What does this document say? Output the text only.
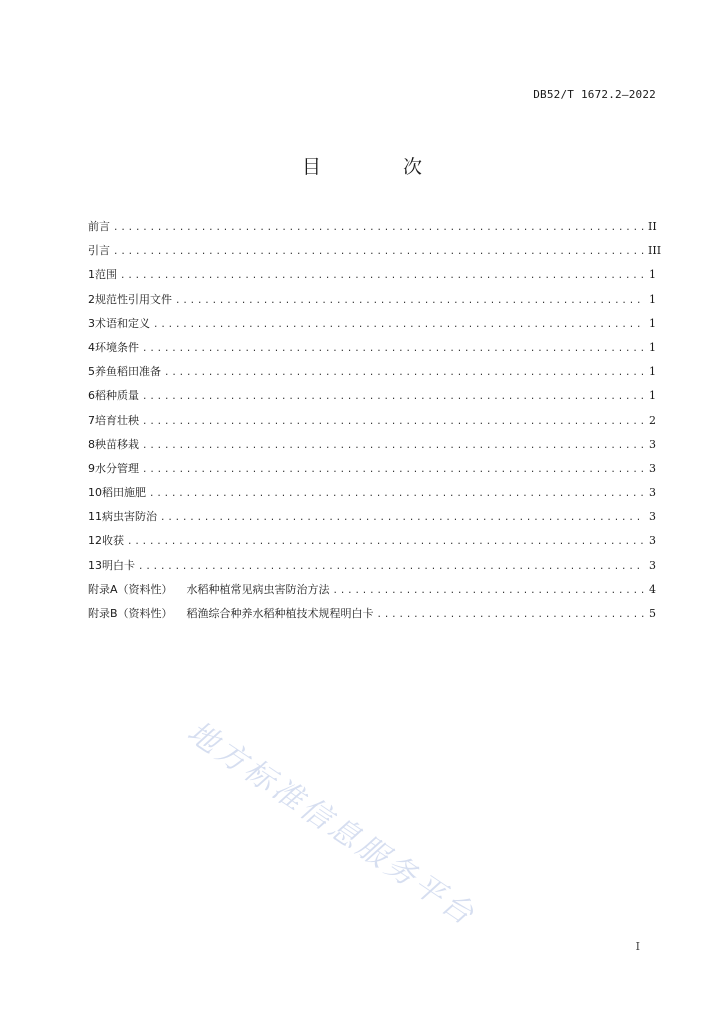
DB52/T 1672.2—2022
目 次
前言 .....	II
引言 .....	III
1 范围 .....	1
2 规范性引用文件 .....	1
3 术语和定义 .....	1
4 环境条件 .....	1
5 养鱼稻田准备 .....	1
6 稻种质量 .....	1
7 培育壮秧 .....	2
8 秧苗移栽 .....	3
9 水分管理 .....	3
10 稻田施肥 .....	3
11 病虫害防治 .....	3
12 收获 .....	3
13 明白卡 .....	3
附录A（资料性） 水稻种植常见病虫害防治方法 .....	4
附录B（资料性） 稻渔综合种养水稻种植技术规程明白卡 .....	5
地方标准信息服务平台
I
